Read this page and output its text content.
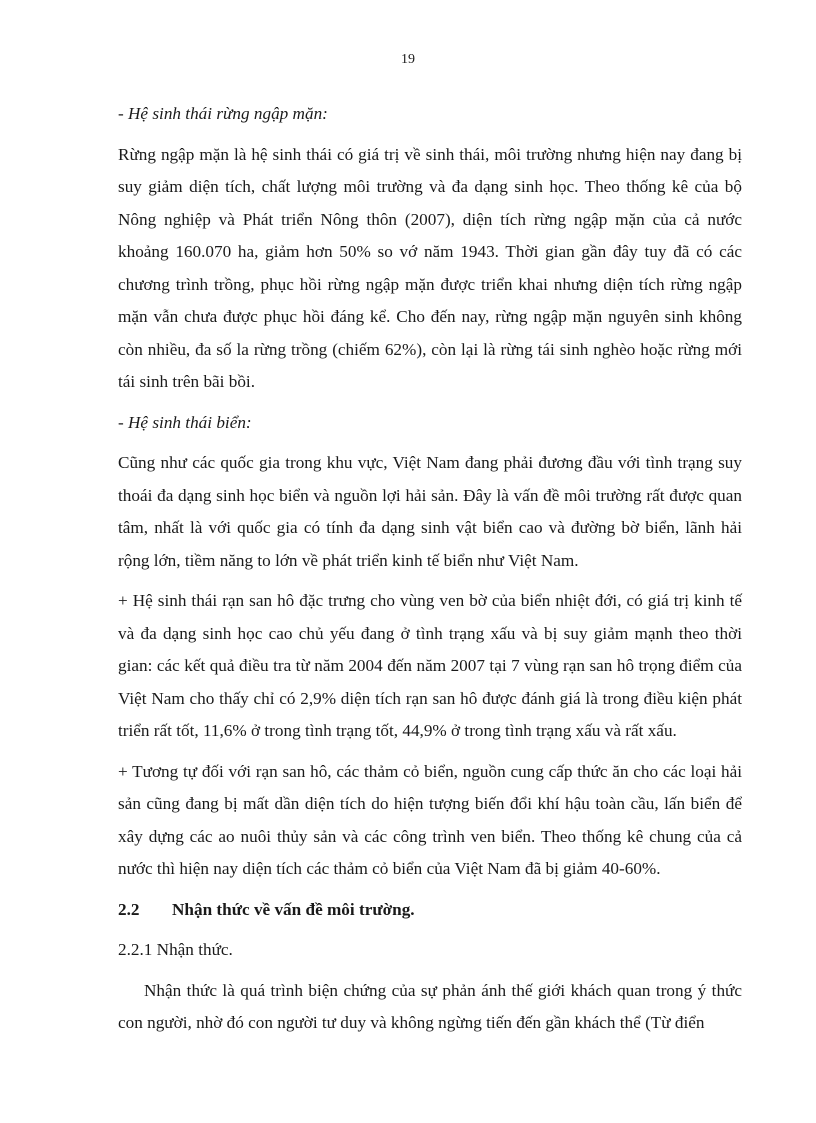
19

- Hệ sinh thái rừng ngập mặn:

Rừng ngập mặn là hệ sinh thái có giá trị về sinh thái, môi trường nhưng hiện nay đang bị suy giảm diện tích, chất lượng môi trường và đa dạng sinh học. Theo thống kê của bộ Nông nghiệp và Phát triển Nông thôn (2007), diện tích rừng ngập mặn của cả nước khoảng 160.070 ha, giảm hơn 50% so vớ năm 1943. Thời gian gần đây tuy đã có các chương trình trồng, phục hồi rừng ngập mặn được triển khai nhưng diện tích rừng ngập mặn vẫn chưa được phục hồi đáng kể. Cho đến nay, rừng ngập mặn nguyên sinh không còn nhiều, đa số la rừng trồng (chiếm 62%), còn lại là rừng tái sinh nghèo hoặc rừng mới tái sinh trên bãi bồi.

- Hệ sinh thái biển:

Cũng như các quốc gia trong khu vực, Việt Nam đang phải đương đầu với tình trạng suy thoái đa dạng sinh học biển và nguồn lợi hải sản. Đây là vấn đề môi trường rất được quan tâm, nhất là với quốc gia có tính đa dạng sinh vật biển cao và đường bờ biển, lãnh hải rộng lớn, tiềm năng to lớn về phát triển kinh tế biển như Việt Nam.

+ Hệ sinh thái rạn san hô đặc trưng cho vùng ven bờ của biển nhiệt đới, có giá trị kinh tế và đa dạng sinh học cao chủ yếu đang ở tình trạng xấu và bị suy giảm mạnh theo thời gian: các kết quả điều tra từ năm 2004 đến năm 2007 tại 7 vùng rạn san hô trọng điểm của Việt Nam cho thấy chỉ có 2,9% diện tích rạn san hô được đánh giá là trong điều kiện phát triển rất tốt, 11,6% ở trong tình trạng tốt, 44,9% ở trong tình trạng xấu và rất xấu.

+ Tương tự đối với rạn san hô, các thảm cỏ biển, nguồn cung cấp thức ăn cho các loại hải sản cũng đang bị mất dần diện tích do hiện tượng biến đổi khí hậu toàn cầu, lấn biển để xây dựng các ao nuôi thủy sản và các công trình ven biển. Theo thống kê chung của cả nước thì hiện nay diện tích các thảm cỏ biển của Việt Nam đã bị giảm 40-60%.

2.2 Nhận thức về vấn đề môi trường.

2.2.1 Nhận thức.

Nhận thức là quá trình biện chứng của sự phản ánh thế giới khách quan trong ý thức con người, nhờ đó con người tư duy và không ngừng tiến đến gần khách thể (Từ điển
